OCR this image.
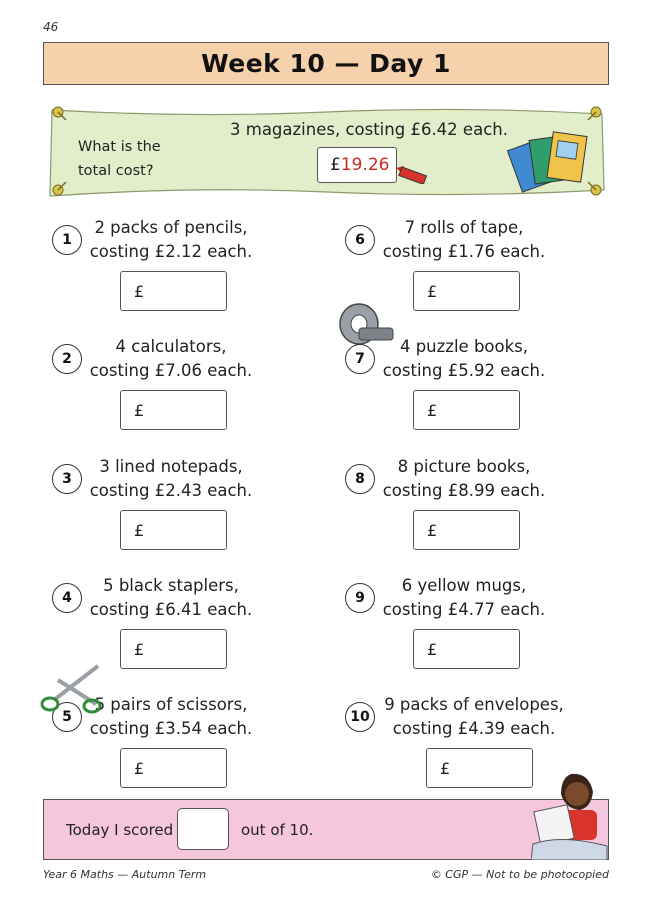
46
Week 10 — Day 1
What is the
total cost?
3 magazines, costing £6.42 each.
£ 19.26
1
2 packs of pencils,
costing £2.12 each.
£
2
4 calculators,
costing £7.06 each.
£
3
3 lined notepads,
costing £2.43 each.
£
4
5 black staplers,
costing £6.41 each.
£
5
5 pairs of scissors,
costing £3.54 each.
£
6
7 rolls of tape,
costing £1.76 each.
£
7
4 puzzle books,
costing £5.92 each.
£
8
8 picture books,
costing £8.99 each.
£
9
6 yellow mugs,
costing £4.77 each.
£
10
9 packs of envelopes,
costing £4.39 each.
£
Today I scored	out of 10.
Year 6 Maths — Autumn Term	© CGP — Not to be photocopied
